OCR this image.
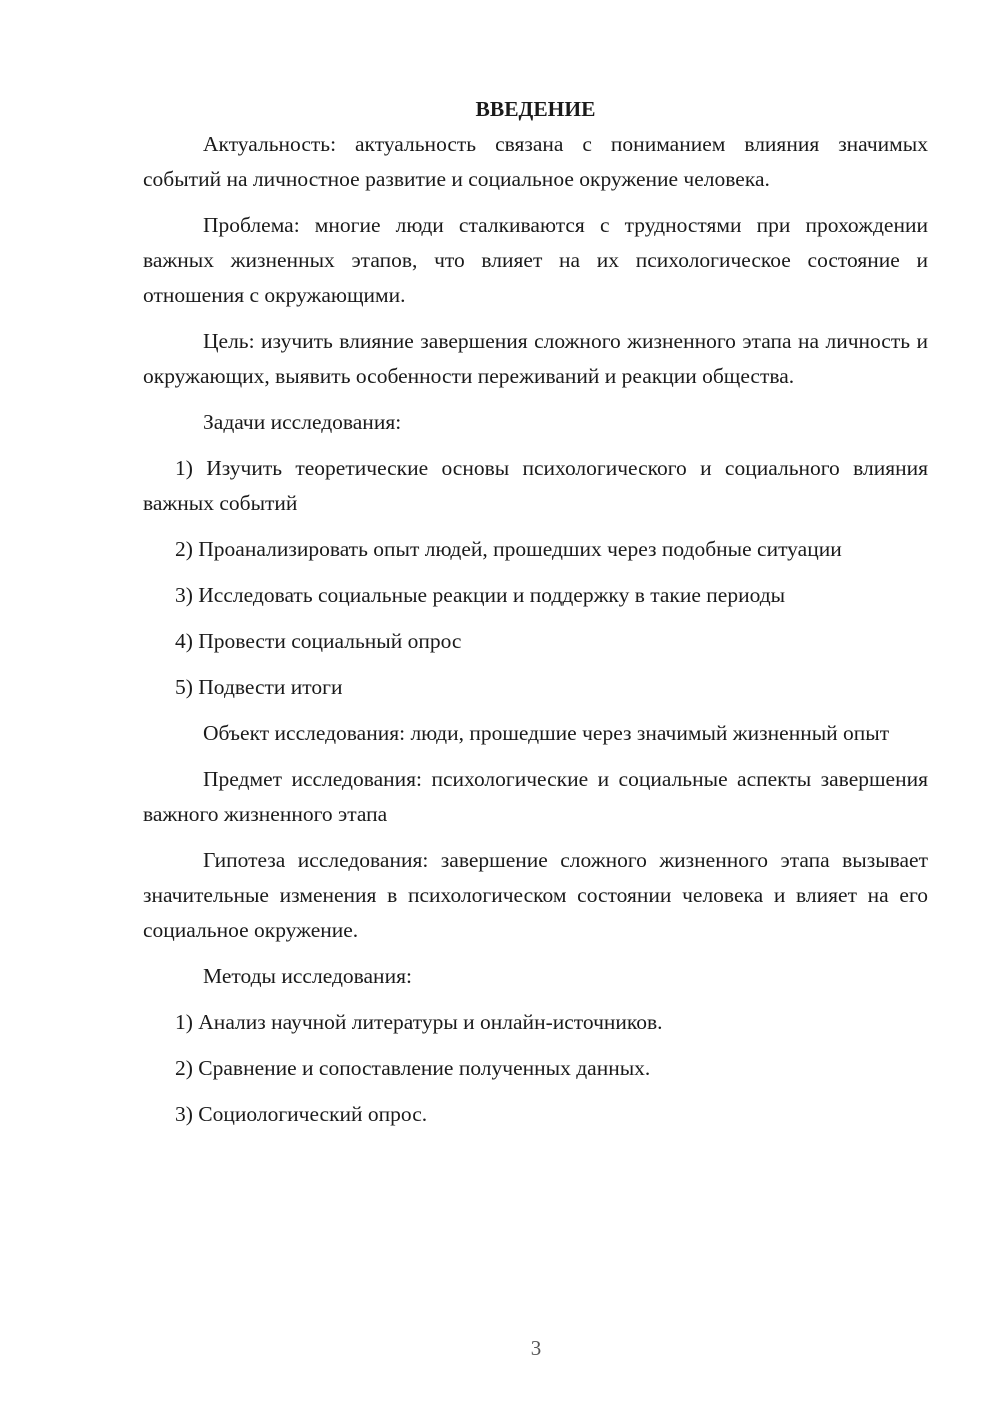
ВВЕДЕНИЕ

Актуальность: актуальность связана с пониманием влияния значимых событий на личностное развитие и социальное окружение человека.

Проблема: многие люди сталкиваются с трудностями при прохождении важных жизненных этапов, что влияет на их психологическое состояние и отношения с окружающими.

Цель: изучить влияние завершения сложного жизненного этапа на личность и окружающих, выявить особенности переживаний и реакции общества.

Задачи исследования:

1) Изучить теоретические основы психологического и социального влияния важных событий

2) Проанализировать опыт людей, прошедших через подобные ситуации

3) Исследовать социальные реакции и поддержку в такие периоды

4) Провести социальный опрос

5) Подвести итоги

Объект исследования: люди, прошедшие через значимый жизненный опыт

Предмет исследования: психологические и социальные аспекты завершения важного жизненного этапа

Гипотеза исследования: завершение сложного жизненного этапа вызывает значительные изменения в психологическом состоянии человека и влияет на его социальное окружение.

Методы исследования:

1) Анализ научной литературы и онлайн-источников.

2) Сравнение и сопоставление полученных данных.

3) Социологический опрос.

3
